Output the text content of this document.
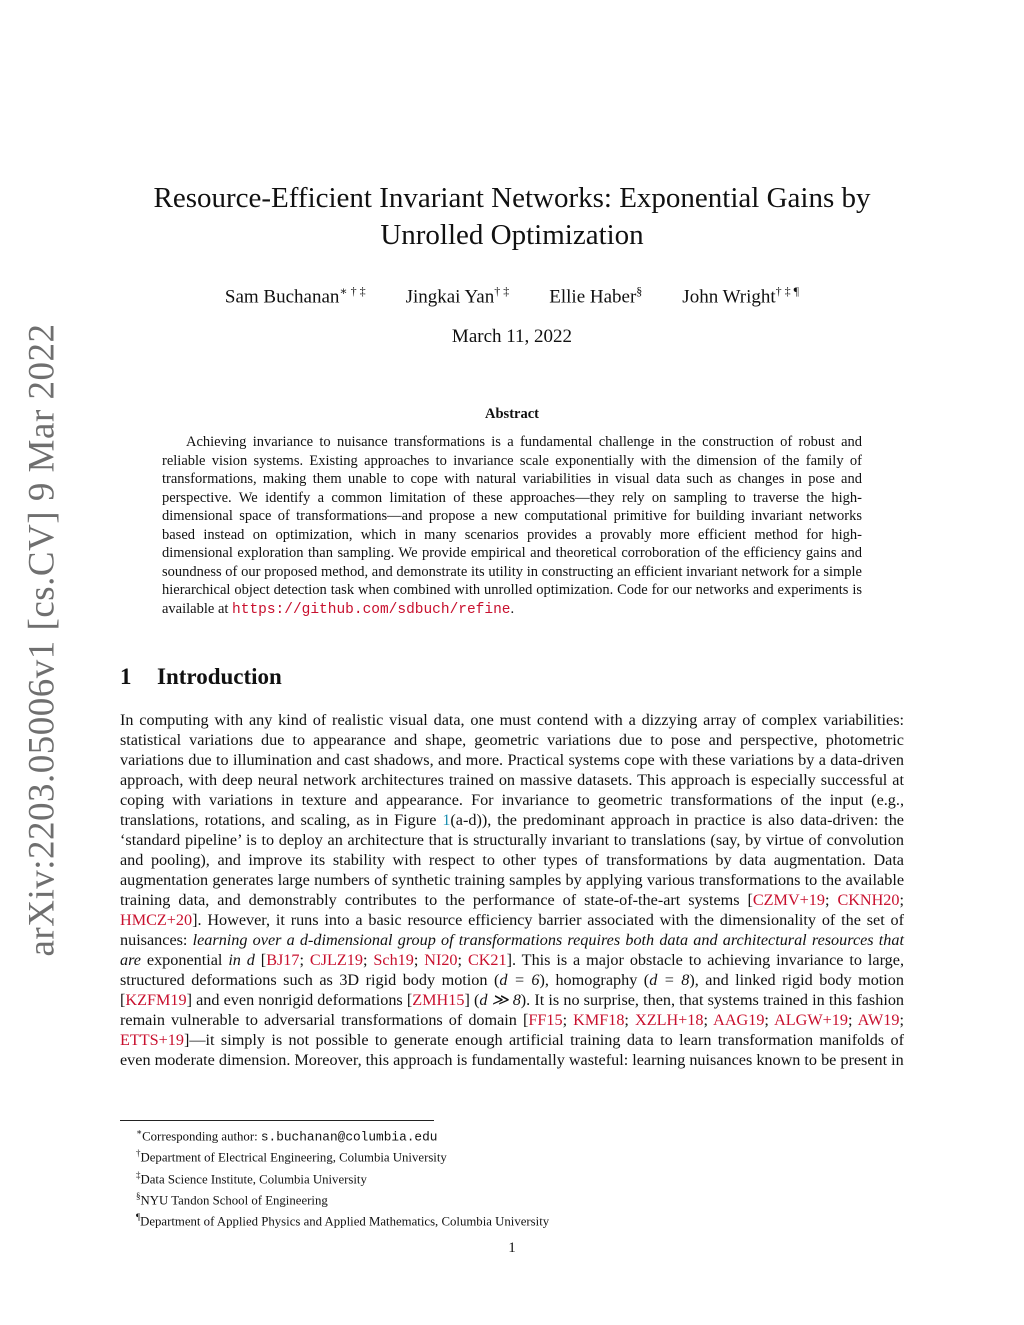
arXiv:2203.05006v1 [cs.CV] 9 Mar 2022
Resource-Efficient Invariant Networks: Exponential Gains by Unrolled Optimization
Sam Buchanan∗ † ‡ Jingkai Yan† ‡ Ellie Haber§ John Wright† ‡ ¶
March 11, 2022
Abstract
Achieving invariance to nuisance transformations is a fundamental challenge in the construction of robust and reliable vision systems. Existing approaches to invariance scale exponentially with the dimension of the family of transformations, making them unable to cope with natural variabilities in visual data such as changes in pose and perspective. We identify a common limitation of these approaches—they rely on sampling to traverse the high-dimensional space of transformations—and propose a new computational primitive for building invariant networks based instead on optimization, which in many scenarios provides a provably more efficient method for high-dimensional exploration than sampling. We provide empirical and theoretical corroboration of the efficiency gains and soundness of our proposed method, and demonstrate its utility in constructing an efficient invariant network for a simple hierarchical object detection task when combined with unrolled optimization. Code for our networks and experiments is available at https://github.com/sdbuch/refine.
1 Introduction
In computing with any kind of realistic visual data, one must contend with a dizzying array of complex variabilities: statistical variations due to appearance and shape, geometric variations due to pose and perspective, photometric variations due to illumination and cast shadows, and more. Practical systems cope with these variations by a data-driven approach, with deep neural network architectures trained on massive datasets. This approach is especially successful at coping with variations in texture and appearance. For invariance to geometric transformations of the input (e.g., translations, rotations, and scaling, as in Figure 1(a-d)), the predominant approach in practice is also data-driven: the ‘standard pipeline’ is to deploy an architecture that is structurally invariant to translations (say, by virtue of convolution and pooling), and improve its stability with respect to other types of transformations by data augmentation. Data augmentation generates large numbers of synthetic training samples by applying various transformations to the available training data, and demonstrably contributes to the performance of state-of-the-art systems [CZMV+19; CKNH20; HMCZ+20]. However, it runs into a basic resource efficiency barrier associated with the dimensionality of the set of nuisances: learning over a d-dimensional group of transformations requires both data and architectural resources that are exponential in d [BJ17; CJLZ19; Sch19; NI20; CK21]. This is a major obstacle to achieving invariance to large, structured deformations such as 3D rigid body motion (d = 6), homography (d = 8), and linked rigid body motion [KZFM19] and even nonrigid deformations [ZMH15] (d ≫ 8). It is no surprise, then, that systems trained in this fashion remain vulnerable to adversarial transformations of domain [FF15; KMF18; XZLH+18; AAG19; ALGW+19; AW19; ETTS+19]—it simply is not possible to generate enough artificial training data to learn transformation manifolds of even moderate dimension. Moreover, this approach is fundamentally wasteful: learning nuisances known to be present in
∗Corresponding author: s.buchanan@columbia.edu
†Department of Electrical Engineering, Columbia University
‡Data Science Institute, Columbia University
§NYU Tandon School of Engineering
¶Department of Applied Physics and Applied Mathematics, Columbia University
1
